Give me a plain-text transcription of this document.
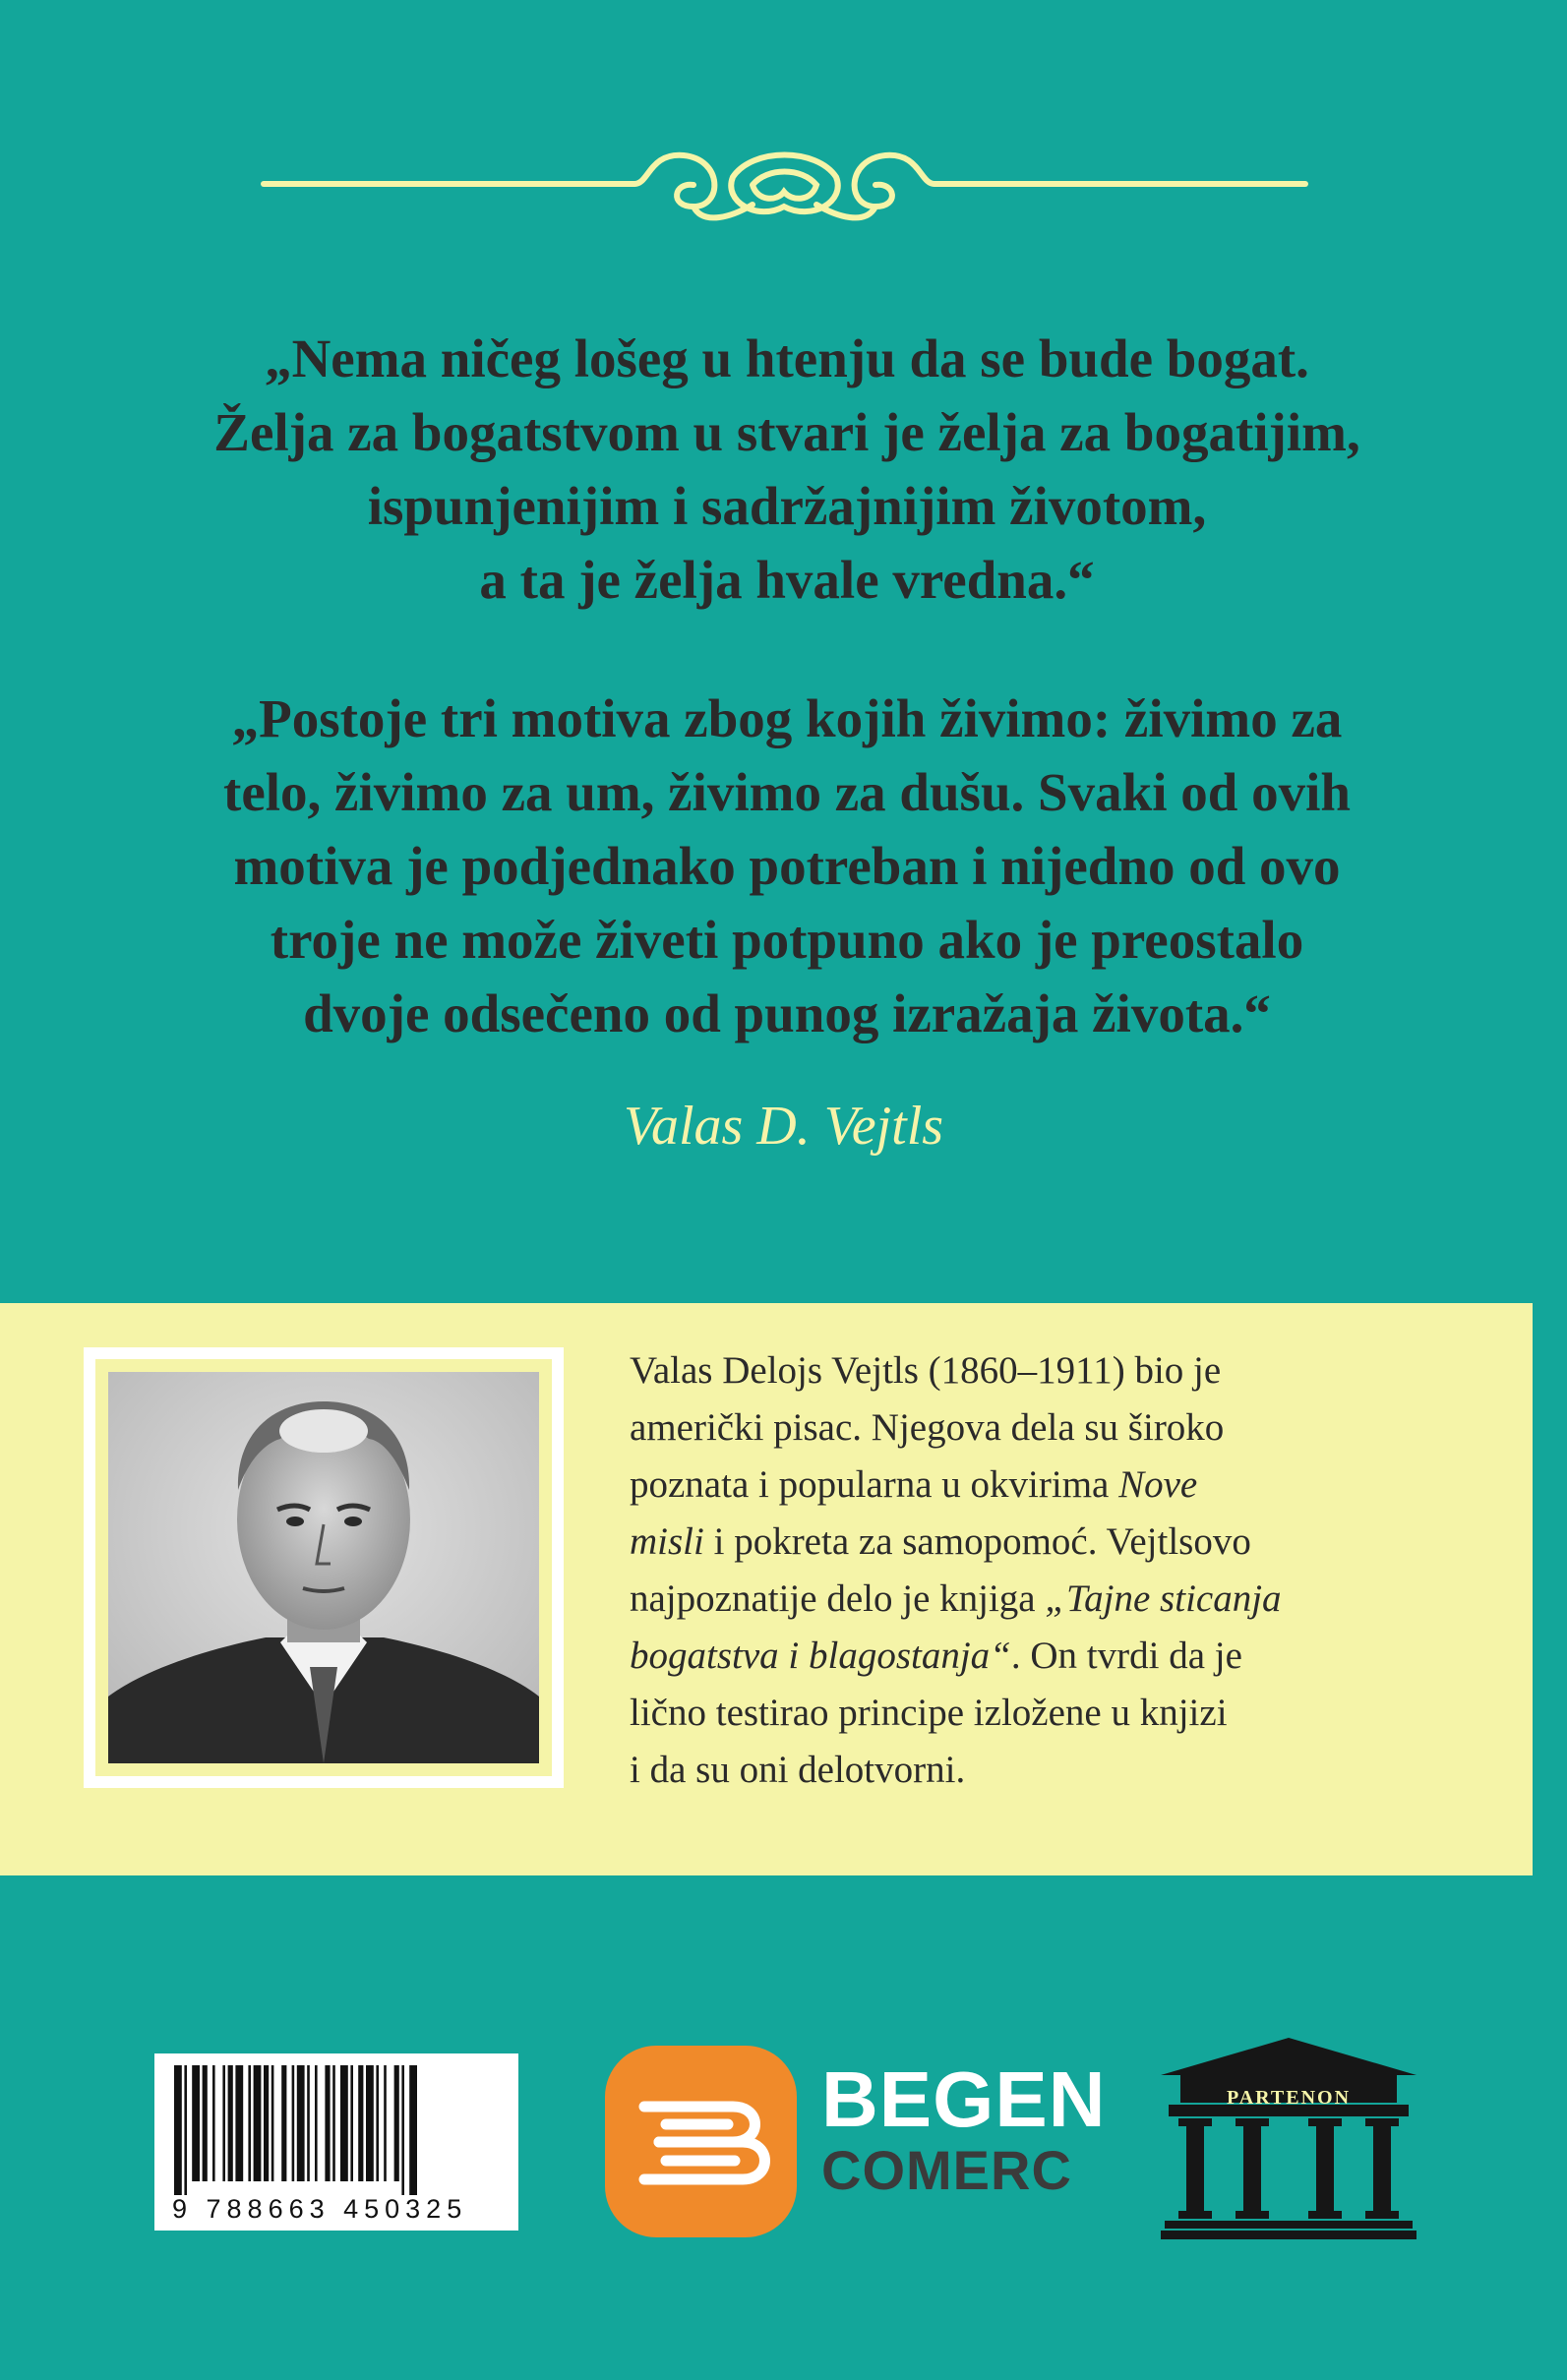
„Nema ničeg lošeg u htenju da se bude bogat.
Želja za bogatstvom u stvari je želja za bogatijim,
ispunjenijim i sadržajnijim životom,
a ta je želja hvale vredna.“
„Postoje tri motiva zbog kojih živimo: živimo za
telo, živimo za um, živimo za dušu. Svaki od ovih
motiva je podjednako potreban i nijedno od ovo
troje ne može živeti potpuno ako je preostalo
dvoje odsečeno od punog izražaja života.“
Valas D. Vejtls
Valas Delojs Vejtls (1860–1911) bio je
američki pisac. Njegova dela su široko
poznata i popularna u okvirima Nove
misli i pokreta za samopomoć. Vejtlsovo
najpoznatije delo je knjiga „Tajne sticanja
bogatstva i blagostanja“. On tvrdi da je
lično testirao principe izložene u knjizi
i da su oni delotvorni.
9 788663 450325
BEGEN
COMERC
PARTENON
